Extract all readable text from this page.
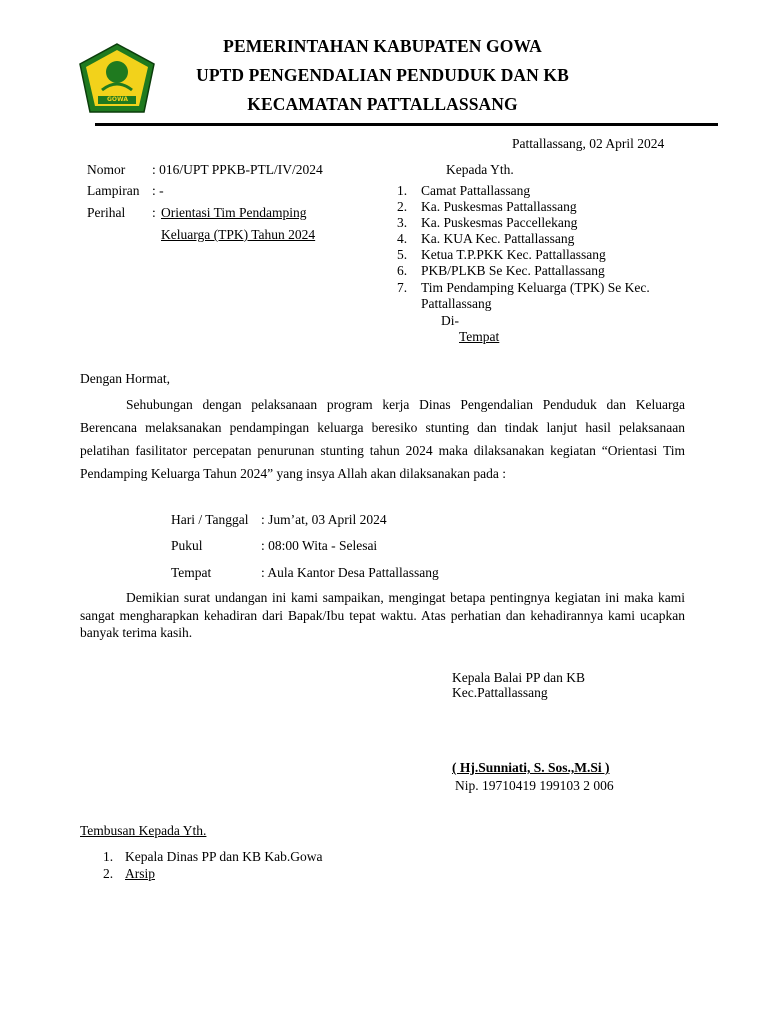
GOWA
PEMERINTAHAN KABUPATEN GOWA
UPTD PENGENDALIAN PENDUDUK DAN KB
KECAMATAN PATTALLASSANG
Pattallassang, 02 April 2024
Nomor : 016/UPT PPKB-PTL/IV/2024
Lampiran : -
Perihal : Orientasi Tim Pendamping
Keluarga (TPK) Tahun 2024
Kepada Yth.
1. Camat Pattallassang
2. Ka. Puskesmas Pattallassang
3. Ka. Puskesmas Paccellekang
4. Ka. KUA Kec. Pattallassang
5. Ketua T.P.PKK Kec. Pattallassang
6. PKB/PLKB Se Kec. Pattallassang
7. Tim Pendamping Keluarga (TPK) Se Kec.
Pattallassang
Di-
Tempat
Dengan Hormat,
Sehubungan dengan pelaksanaan program kerja Dinas Pengendalian Penduduk dan Keluarga Berencana melaksanakan pendampingan keluarga beresiko stunting dan tindak lanjut hasil pelaksanaan pelatihan fasilitator percepatan penurunan stunting tahun 2024 maka dilaksanakan kegiatan “Orientasi Tim Pendamping Keluarga Tahun 2024” yang insya Allah akan dilaksanakan pada :
Hari / Tanggal : Jum’at, 03 April 2024
Pukul	: 08:00 Wita - Selesai
Tempat	: Aula Kantor Desa Pattallassang
Demikian surat undangan ini kami sampaikan, mengingat betapa pentingnya kegiatan ini maka kami sangat mengharapkan kehadiran dari Bapak/Ibu tepat waktu. Atas perhatian dan kehadirannya kami ucapkan banyak terima kasih.
Kepala Balai PP dan KB
Kec.Pattallassang
( Hj.Sunniati, S. Sos.,M.Si )
Nip. 19710419 199103 2 006
Tembusan Kepada Yth.
1. Kepala Dinas PP dan KB Kab.Gowa
2. Arsip
